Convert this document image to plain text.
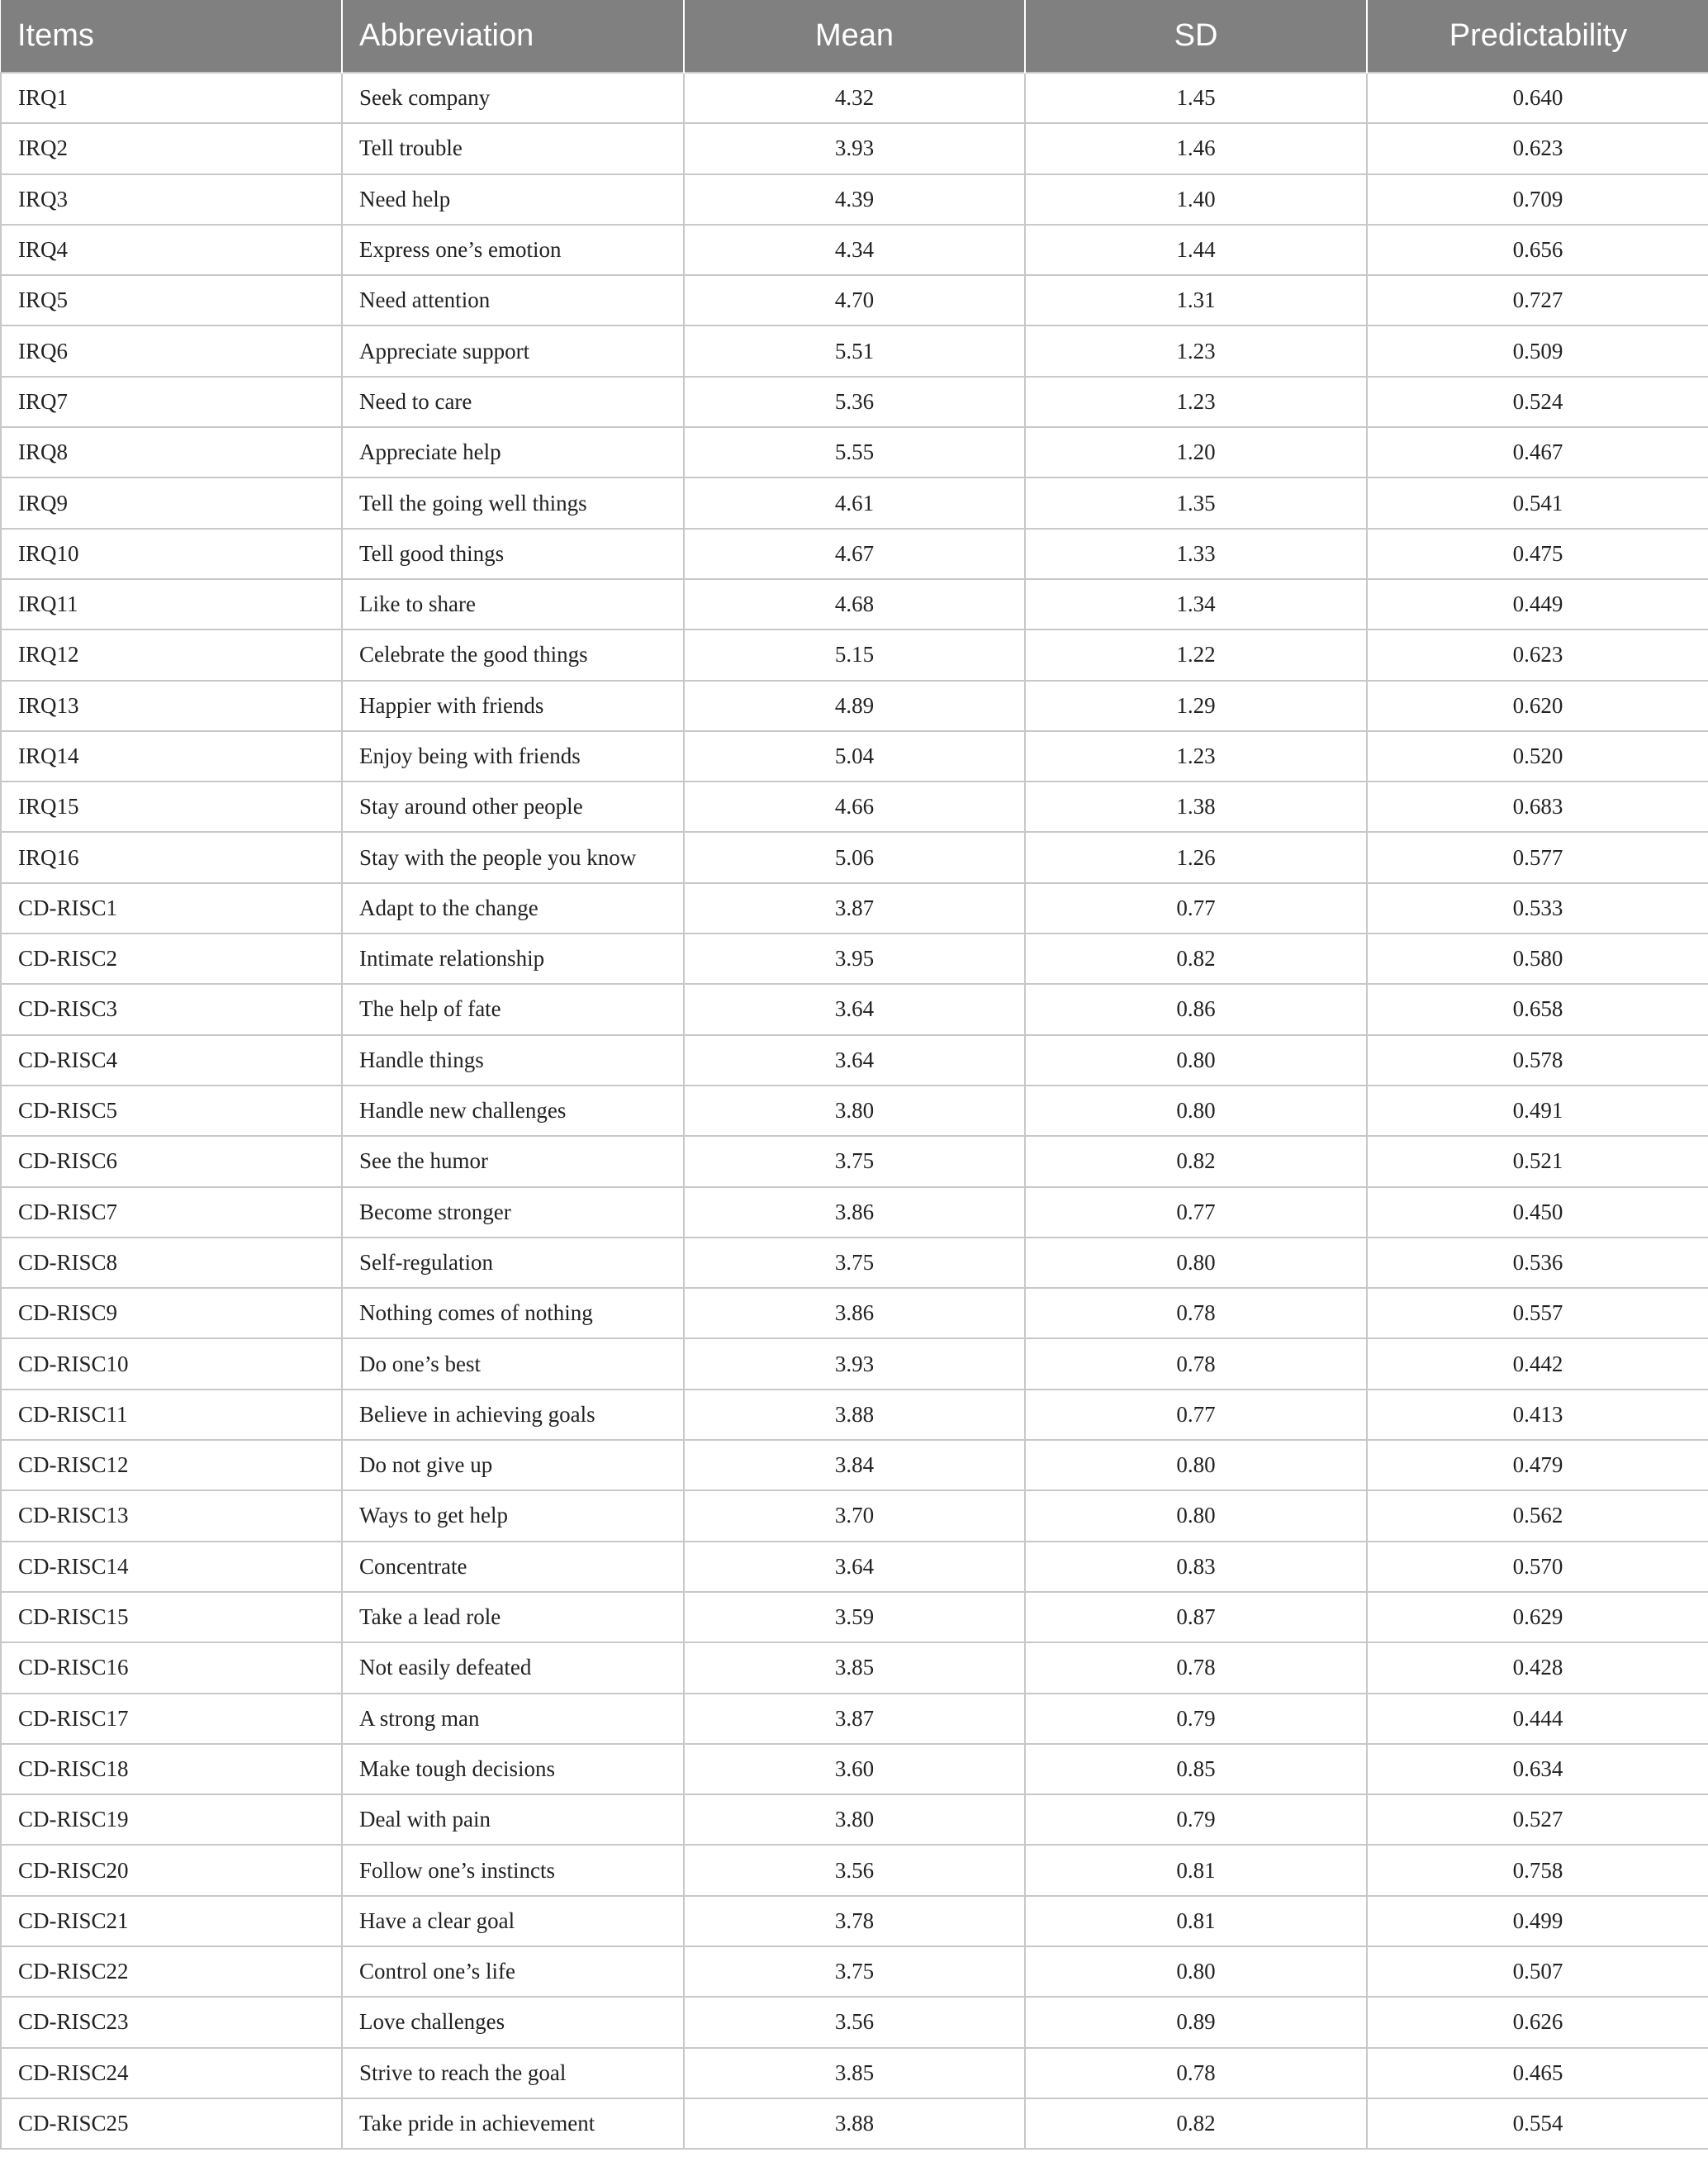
Items	Abbreviation	Mean	SD	Predictability
IRQ1	Seek company	4.32	1.45	0.640
IRQ2	Tell trouble	3.93	1.46	0.623
IRQ3	Need help	4.39	1.40	0.709
IRQ4	Express one’s emotion	4.34	1.44	0.656
IRQ5	Need attention	4.70	1.31	0.727
IRQ6	Appreciate support	5.51	1.23	0.509
IRQ7	Need to care	5.36	1.23	0.524
IRQ8	Appreciate help	5.55	1.20	0.467
IRQ9	Tell the going well things	4.61	1.35	0.541
IRQ10	Tell good things	4.67	1.33	0.475
IRQ11	Like to share	4.68	1.34	0.449
IRQ12	Celebrate the good things	5.15	1.22	0.623
IRQ13	Happier with friends	4.89	1.29	0.620
IRQ14	Enjoy being with friends	5.04	1.23	0.520
IRQ15	Stay around other people	4.66	1.38	0.683
IRQ16	Stay with the people you know	5.06	1.26	0.577
CD-RISC1	Adapt to the change	3.87	0.77	0.533
CD-RISC2	Intimate relationship	3.95	0.82	0.580
CD-RISC3	The help of fate	3.64	0.86	0.658
CD-RISC4	Handle things	3.64	0.80	0.578
CD-RISC5	Handle new challenges	3.80	0.80	0.491
CD-RISC6	See the humor	3.75	0.82	0.521
CD-RISC7	Become stronger	3.86	0.77	0.450
CD-RISC8	Self-regulation	3.75	0.80	0.536
CD-RISC9	Nothing comes of nothing	3.86	0.78	0.557
CD-RISC10	Do one’s best	3.93	0.78	0.442
CD-RISC11	Believe in achieving goals	3.88	0.77	0.413
CD-RISC12	Do not give up	3.84	0.80	0.479
CD-RISC13	Ways to get help	3.70	0.80	0.562
CD-RISC14	Concentrate	3.64	0.83	0.570
CD-RISC15	Take a lead role	3.59	0.87	0.629
CD-RISC16	Not easily defeated	3.85	0.78	0.428
CD-RISC17	A strong man	3.87	0.79	0.444
CD-RISC18	Make tough decisions	3.60	0.85	0.634
CD-RISC19	Deal with pain	3.80	0.79	0.527
CD-RISC20	Follow one’s instincts	3.56	0.81	0.758
CD-RISC21	Have a clear goal	3.78	0.81	0.499
CD-RISC22	Control one’s life	3.75	0.80	0.507
CD-RISC23	Love challenges	3.56	0.89	0.626
CD-RISC24	Strive to reach the goal	3.85	0.78	0.465
CD-RISC25	Take pride in achievement	3.88	0.82	0.554
